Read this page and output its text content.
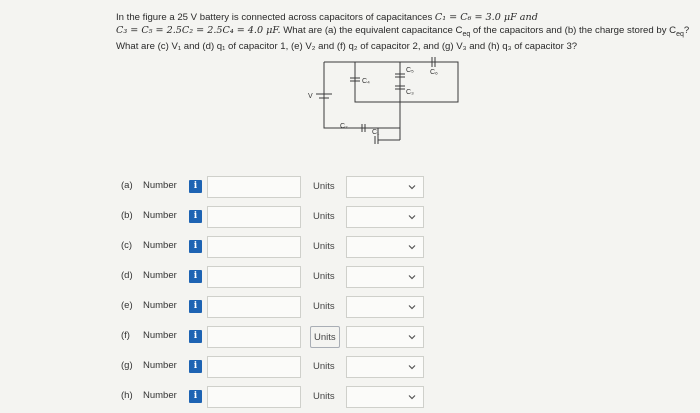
In the figure a 25 V battery is connected across capacitors of capacitances C₁ = C₆ = 3.0 μF and

C₃ = C₅ = 2.5C₂ = 2.5C₄ = 4.0 μF. What are (a) the equivalent capacitance $C_{eq}$ of the capacitors and (b) the charge stored by $C_{eq}$?

What are (c) V₁ and (d) q₁ of capacitor 1, (e) V₂ and (f) q₂ of capacitor 2, and (g) V₃ and (h) q₃ of capacitor 3?

V
C₄
C₅
C₃
C₂
C₁
C₆
(a) Number	i	Units
(b) Number	i	Units
(c) Number	i	Units
(d) Number	i	Units
(e) Number	i	Units
(f) Number	i	Units
(g) Number	i	Units
(h) Number	i	Units
